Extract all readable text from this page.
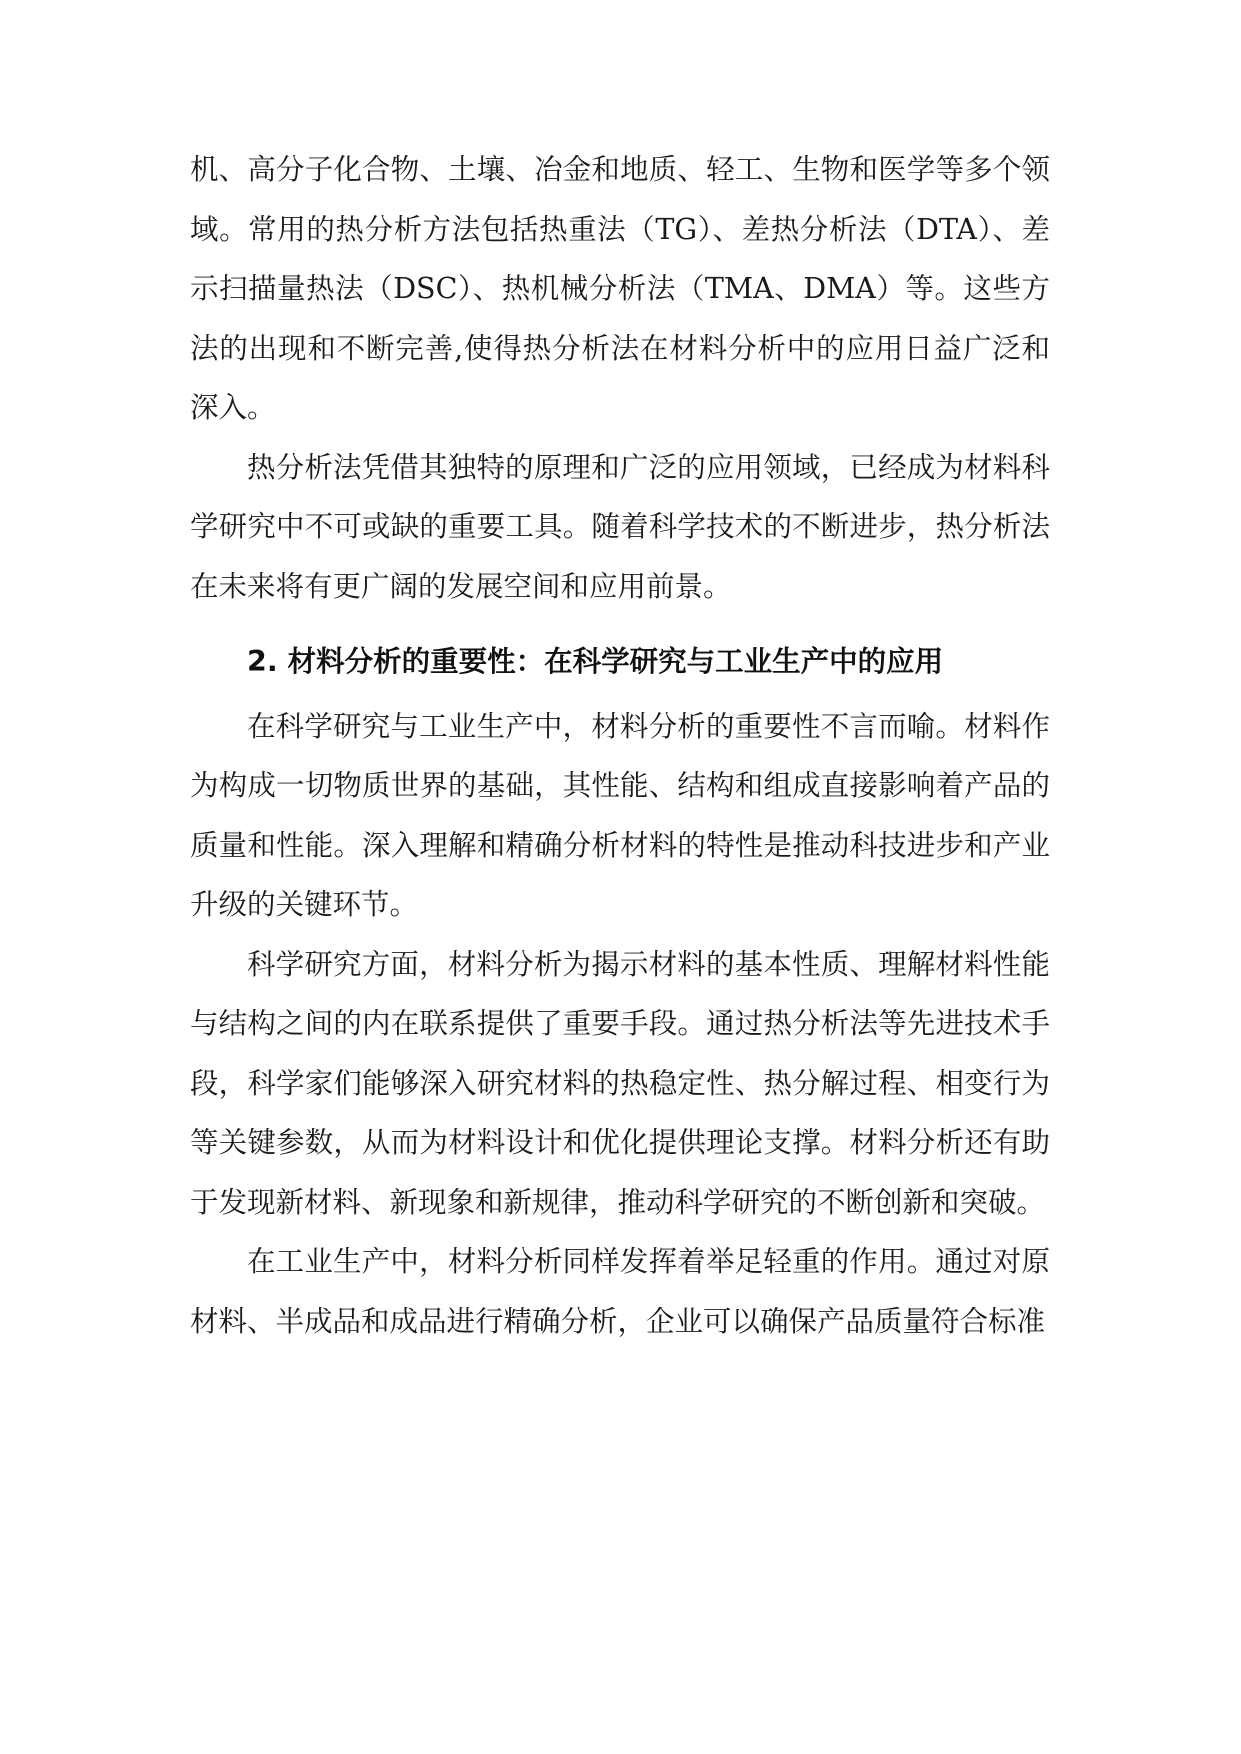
机、高分子化合物、土壤、冶金和地质、轻工、生物和医学等多个领域。常用的热分析方法包括热重法（TG）、差热分析法（DTA）、差示扫描量热法（DSC）、热机械分析法（TMA、DMA）等。这些方法的出现和不断完善,使得热分析法在材料分析中的应用日益广泛和深入。

热分析法凭借其独特的原理和广泛的应用领域，已经成为材料科学研究中不可或缺的重要工具。随着科学技术的不断进步，热分析法在未来将有更广阔的发展空间和应用前景。

2. 材料分析的重要性：在科学研究与工业生产中的应用

在科学研究与工业生产中，材料分析的重要性不言而喻。材料作为构成一切物质世界的基础，其性能、结构和组成直接影响着产品的质量和性能。深入理解和精确分析材料的特性是推动科技进步和产业升级的关键环节。

科学研究方面，材料分析为揭示材料的基本性质、理解材料性能与结构之间的内在联系提供了重要手段。通过热分析法等先进技术手段，科学家们能够深入研究材料的热稳定性、热分解过程、相变行为等关键参数，从而为材料设计和优化提供理论支撑。材料分析还有助于发现新材料、新现象和新规律，推动科学研究的不断创新和突破。

在工业生产中，材料分析同样发挥着举足轻重的作用。通过对原材料、半成品和成品进行精确分析，企业可以确保产品质量符合标准
